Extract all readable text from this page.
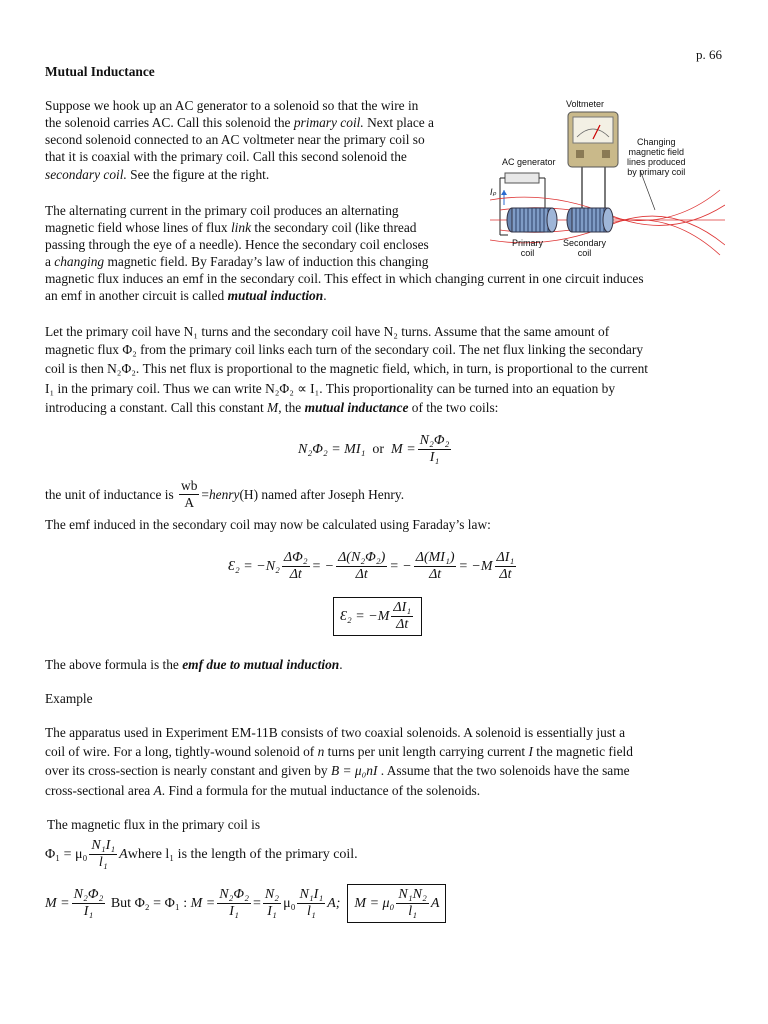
p. 66
Mutual Inductance
Suppose we hook up an AC generator to a solenoid so that the wire in
the solenoid carries AC. Call this solenoid the primary coil. Next place a
second solenoid connected to an AC voltmeter near the primary coil so
that it is coaxial with the primary coil. Call this second solenoid the
secondary coil. See the figure at the right.
The alternating current in the primary coil produces an alternating
magnetic field whose lines of flux link the secondary coil (like thread
passing through the eye of a needle). Hence the secondary coil encloses
a changing magnetic field. By Faraday’s law of induction this changing
magnetic flux induces an emf in the secondary coil. This effect in which changing current in one circuit induces
an emf in another circuit is called mutual induction.
Let the primary coil have N₁ turns and the secondary coil have N₂ turns. Assume that the same amount of
magnetic flux Φ₂ from the primary coil links each turn of the secondary coil. The net flux linking the secondary
coil is then N₂Φ₂. This net flux is proportional to the magnetic field, which, in turn, is proportional to the current
I₁ in the primary coil. Thus we can write N₂Φ₂ ∝ I₁. This proportionality can be turned into an equation by
introducing a constant. Call this constant M, the mutual inductance of the two coils:
N₂Φ₂ = MI₁
or
$M = \frac{\text{N₂Φ₂}}{\text{I₁}}$
the unit of inductance is
$\frac{wb}{A}$ = henry (H) named after Joseph Henry.
The emf induced in the secondary coil may now be calculated using Faraday’s law:
Ɛ₂ = $-N_2 \frac{\text{ΔΦ₂}}{\Delta t}$ = − $\frac{\text{Δ(N₂Φ₂)}}{\Delta t}$ = − $\frac{\text{Δ(MI₁)}}{\Delta t} = -M \frac{\text{ΔI₁}}{\Delta t}$
Ɛ₂ = $-M \frac{\text{ΔI₁}}{\Delta t}$
The above formula is the emf due to mutual induction.
Example
The apparatus used in Experiment EM-11B consists of two coaxial solenoids. A solenoid is essentially just a
coil of wire. For a long, tightly-wound solenoid of n turns per unit length carrying current I the magnetic field
over its cross-section is nearly constant and given by B = μ₀nI . Assume that the two solenoids have the same
cross-sectional area A. Find a formula for the mutual inductance of the solenoids.
The magnetic flux in the primary coil is
$\Phi_1 = \mu_0 \frac{\text{N₁I₁}}{\text{l₁}}$ A where l₁ is the length of the primary coil.
$M = \frac{\text{N₂Φ₂}}{\text{I₁}}$
But Φ₂ = Φ₁ :
$M = \frac{\text{N₂Φ₂}}{\text{I₁}} = \frac{\text{N₂}}{\text{I₁}} \mu_0 \frac{\text{N₁I₁}}{\text{l₁}} A$;
$M = \mu_0 \frac{\text{N₁N₂}}{\text{l₁}}$ A
Voltmeter
AC generator
Changing
magnetic field
lines produced
by primary coil
Iₚ
Primary
coil
Secondary
coil
